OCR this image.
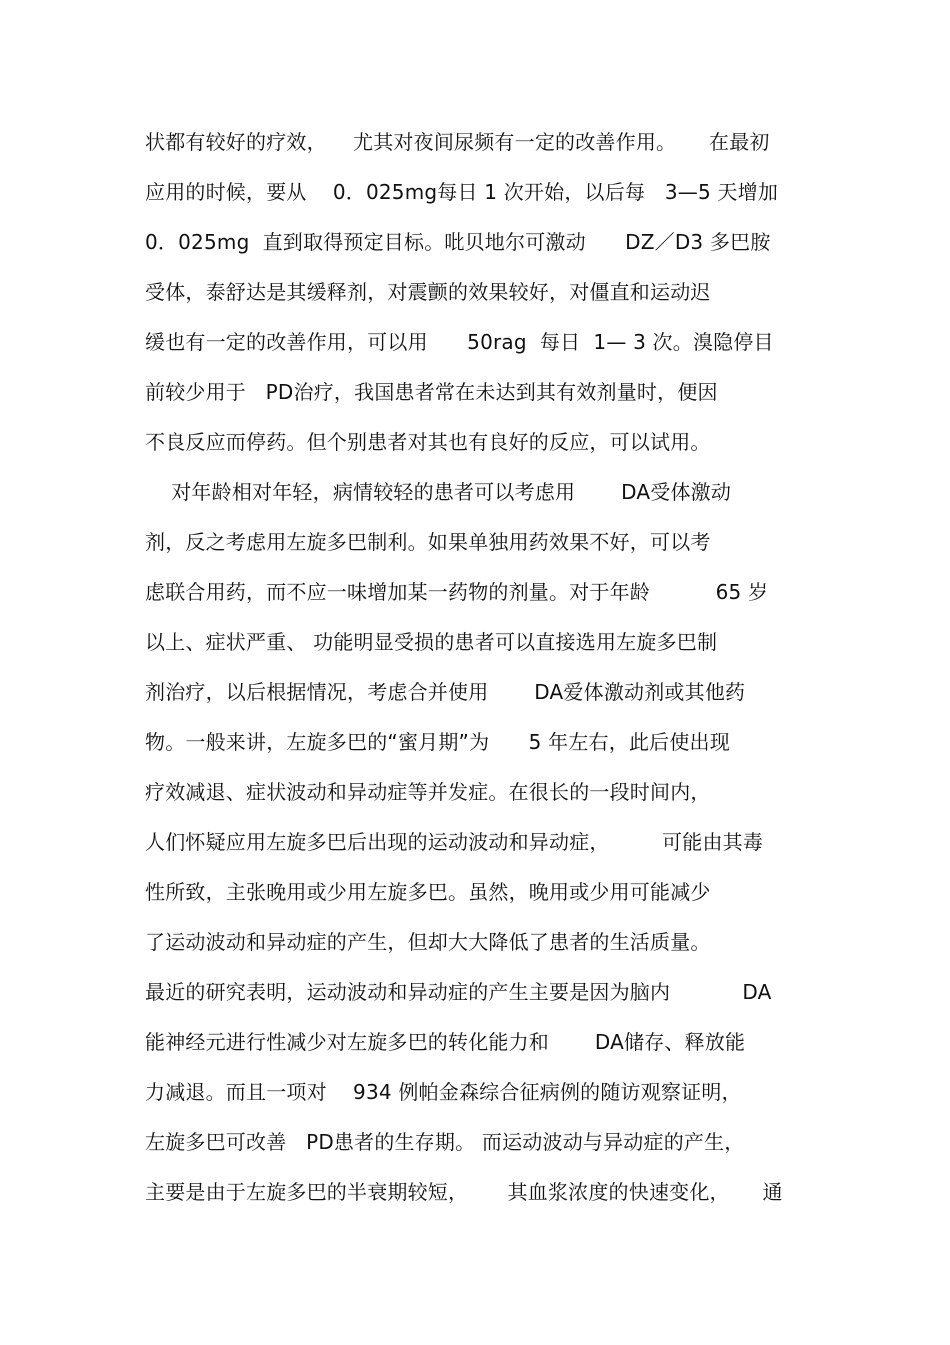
状都有较好的疗效，    尤其对夜间尿频有一定的改善作用。     在最初
应用的时候，要从    0．025mg每日 1 次开始，以后每   3—5 天增加
0．025mg  直到取得预定目标。吡贝地尔可激动      DZ／D3 多巴胺
受体，泰舒达是其缓释剂，对震颤的效果较好，对僵直和运动迟
缓也有一定的改善作用，可以用      50rag  每日  1— 3 次。溴隐停目
前较少用于   PD治疗，我国患者常在未达到其有效剂量时，便因
不良反应而停药。但个别患者对其也有良好的反应，可以试用。
对年龄相对年轻，病情较轻的患者可以考虑用       DA受体激动
剂，反之考虑用左旋多巴制利。如果单独用药效果不好，可以考
虑联合用药，而不应一味增加某一药物的剂量。对于年龄          65 岁
以上、症状严重、 功能明显受损的患者可以直接选用左旋多巴制
剂治疗，以后根据情况，考虑合并使用       DA爱体激动剂或其他药
物。一般来讲，左旋多巴的“蜜月期”为      5 年左右，此后使出现
疗效减退、症状波动和异动症等并发症。在很长的一段时间内，
人们怀疑应用左旋多巴后出现的运动波动和异动症，        可能由其毒
性所致，主张晚用或少用左旋多巴。虽然，晚用或少用可能减少
了运动波动和异动症的产生，但却大大降低了患者的生活质量。
最近的研究表明，运动波动和异动症的产生主要是因为脑内           DA
能神经元进行性减少对左旋多巴的转化能力和       DA储存、释放能
力减退。而且一项对    934 例帕金森综合征病例的随访观察证明，
左旋多巴可改善   PD患者的生存期。 而运动波动与异动症的产生，
主要是由于左旋多巴的半衰期较短，      其血浆浓度的快速变化，     通
